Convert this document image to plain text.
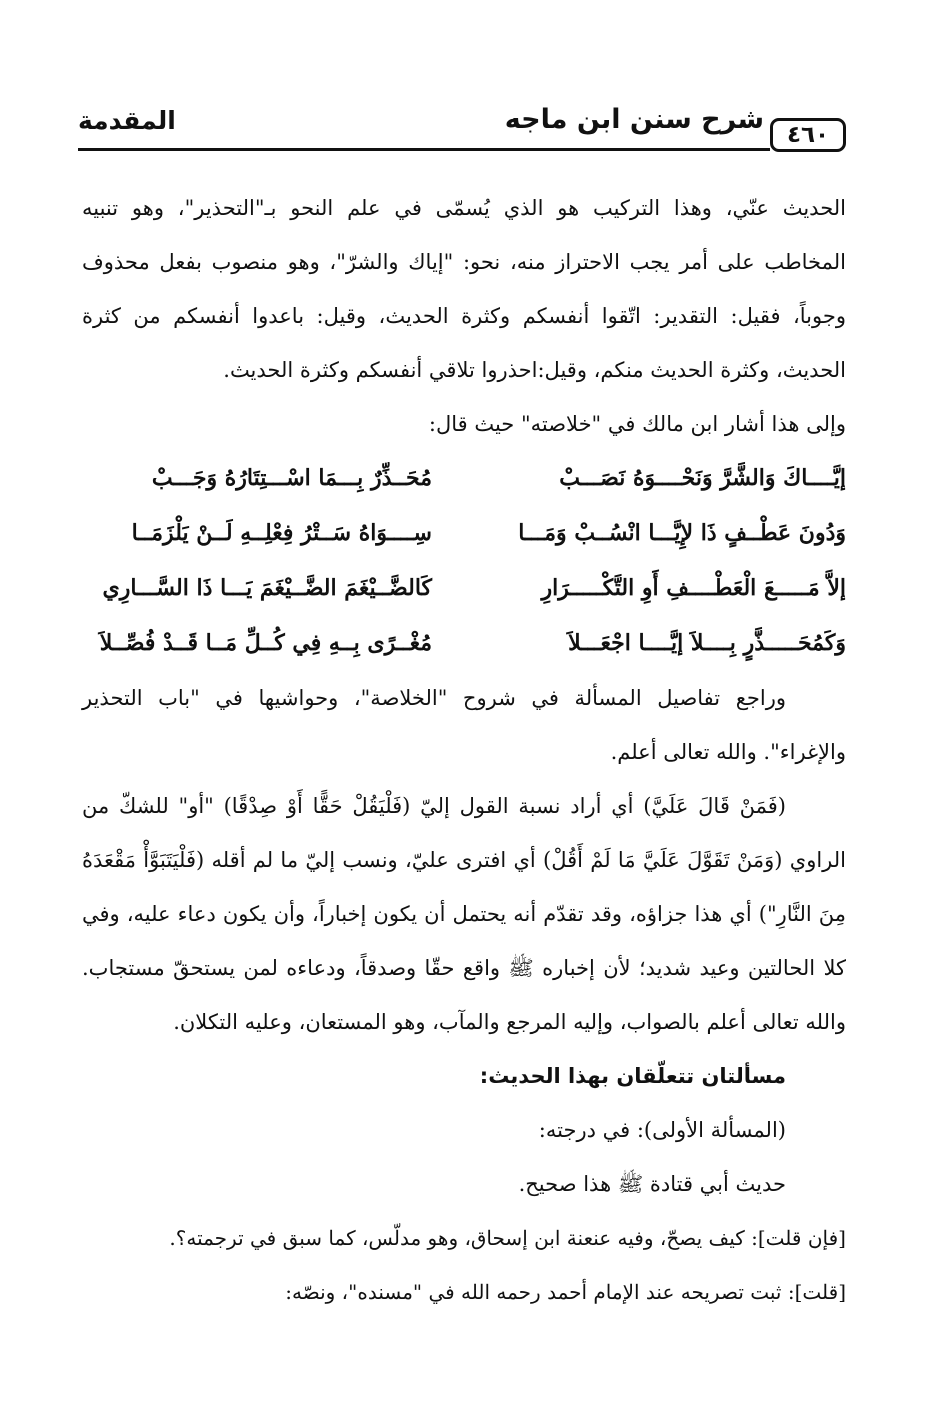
شرح سنن ابن ماجه
المقدمة	٤٦٠

الحديث عنّي، وهذا التركيب هو الذي يُسمّى في علم النحو بـ"التحذير"، وهو تنبيه المخاطب على أمر يجب الاحتراز منه، نحو: "إياك والشرّ"، وهو منصوب بفعل محذوف وجوباً، فقيل: التقدير: اتّقوا أنفسكم وكثرة الحديث، وقيل: باعدوا أنفسكم من كثرة الحديث، وكثرة الحديث منكم، وقيل:احذروا تلاقي أنفسكم وكثرة الحديث.

وإلى هذا أشار ابن مالك في "خلاصته" حيث قال:

إيَّــــاكَ وَالشَّرَّ وَنَحْــــوَهُ نَصَـــبْ
مُحَــذِّرٌ بِـــمَا اسْـــتِتَارُهُ وَجَـــبْ
وَدُونَ عَطْــفٍ ذَا لإِيَّـــا انْسُــبْ وَمَـــا
سِــــوَاهُ سَــتْرُ فِعْلِــهِ لَــنْ يَلْزَمَــا
إلاَّ مَـــــعَ الْعَطْــــفِ أَوِ التَّكْـــــرَارِ
كَالضَّــيْغَمَ الضَّــيْغَمَ يَـــا ذَا السَّـــارِي
وَكَمُحَـــــذَّرٍ بِــــلاَ إيَّــــا اجْعَـــلاَ
مُغْــرًى بِــهِ فِي كُــلِّ مَــا قَــدْ فُصِّــلاَ

وراجع تفاصيل المسألة في شروح "الخلاصة"، وحواشيها في "باب التحذير والإغراء". والله تعالى أعلم.

(فَمَنْ قَالَ عَلَيَّ) أي أراد نسبة القول إليّ (فَلْيَقُلْ حَقًّا أَوْ صِدْقًا) "أو" للشكّ من الراوي (وَمَنْ تَقَوَّلَ عَلَيَّ مَا لَمْ أَقُلْ) أي افترى عليّ، ونسب إليّ ما لم أقله (فَلْيَتَبَوَّأْ مَقْعَدَهُ مِنَ النَّارِ") أي هذا جزاؤه، وقد تقدّم أنه يحتمل أن يكون إخباراً، وأن يكون دعاء عليه، وفي كلا الحالتين وعيد شديد؛ لأن إخباره ﷺ واقع حقّا وصدقاً، ودعاءه لمن يستحقّ مستجاب. والله تعالى أعلم بالصواب، وإليه المرجع والمآب، وهو المستعان، وعليه التكلان.

مسألتان تتعلّقان بهذا الحديث:

(المسألة الأولى): في درجته:

حديث أبي قتادة ﷺ هذا صحيح.

[فإن قلت]: كيف يصحّ، وفيه عنعنة ابن إسحاق، وهو مدلّس، كما سبق في ترجمته؟.

[قلت]: ثبت تصريحه عند الإمام أحمد رحمه الله في "مسنده"، ونصّه:
